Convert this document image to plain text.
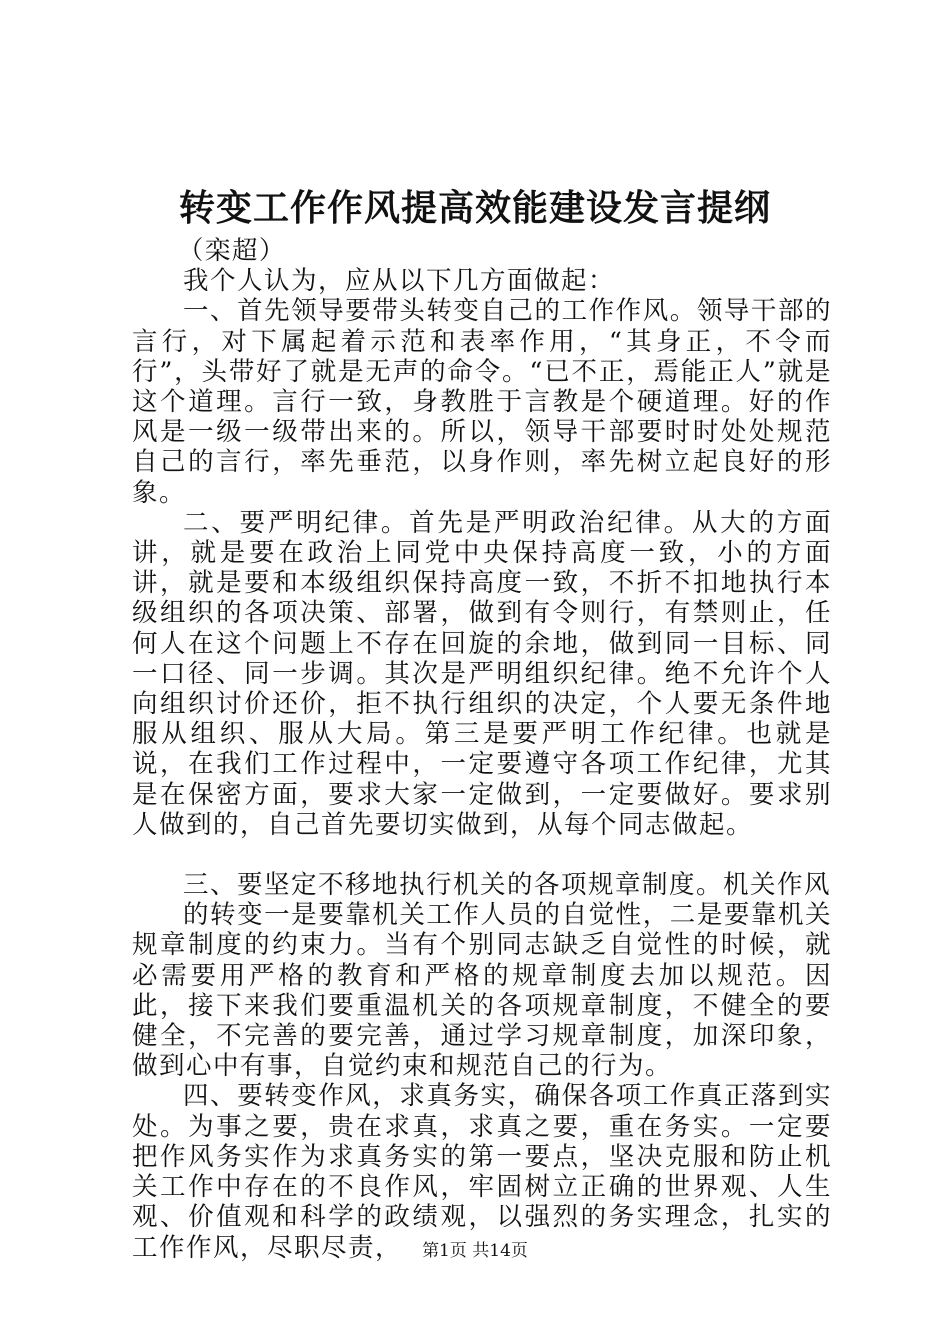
转变工作作风提高效能建设发言提纲

（栾超）

我个人认为，应从以下几方面做起：

一、首先领导要带头转变自己的工作作风。领导干部的言行，对下属起着示范和表率作用，“其身正，不令而行”，头带好了就是无声的命令。“已不正，焉能正人”就是这个道理。言行一致，身教胜于言教是个硬道理。好的作风是一级一级带出来的。所以，领导干部要时时处处规范自己的言行，率先垂范，以身作则，率先树立起良好的形象。

二、要严明纪律。首先是严明政治纪律。从大的方面讲，就是要在政治上同党中央保持高度一致，小的方面讲，就是要和本级组织保持高度一致，不折不扣地执行本级组织的各项决策、部署，做到有令则行，有禁则止，任何人在这个问题上不存在回旋的余地，做到同一目标、同一口径、同一步调。其次是严明组织纪律。绝不允许个人向组织讨价还价，拒不执行组织的决定，个人要无条件地服从组织、服从大局。第三是要严明工作纪律。也就是说，在我们工作过程中，一定要遵守各项工作纪律，尤其是在保密方面，要求大家一定做到，一定要做好。要求别人做到的，自己首先要切实做到，从每个同志做起。

三、要坚定不移地执行机关的各项规章制度。机关作风

的转变一是要靠机关工作人员的自觉性，二是要靠机关规章制度的约束力。当有个别同志缺乏自觉性的时候，就必需要用严格的教育和严格的规章制度去加以规范。因此，接下来我们要重温机关的各项规章制度，不健全的要健全，不完善的要完善，通过学习规章制度，加深印象，做到心中有事，自觉约束和规范自己的行为。

四、要转变作风，求真务实，确保各项工作真正落到实处。为事之要，贵在求真，求真之要，重在务实。一定要把作风务实作为求真务实的第一要点，坚决克服和防止机关工作中存在的不良作风，牢固树立正确的世界观、人生观、价值观和科学的政绩观，以强烈的务实理念，扎实的工作作风，尽职尽责，	第1页 共14页
